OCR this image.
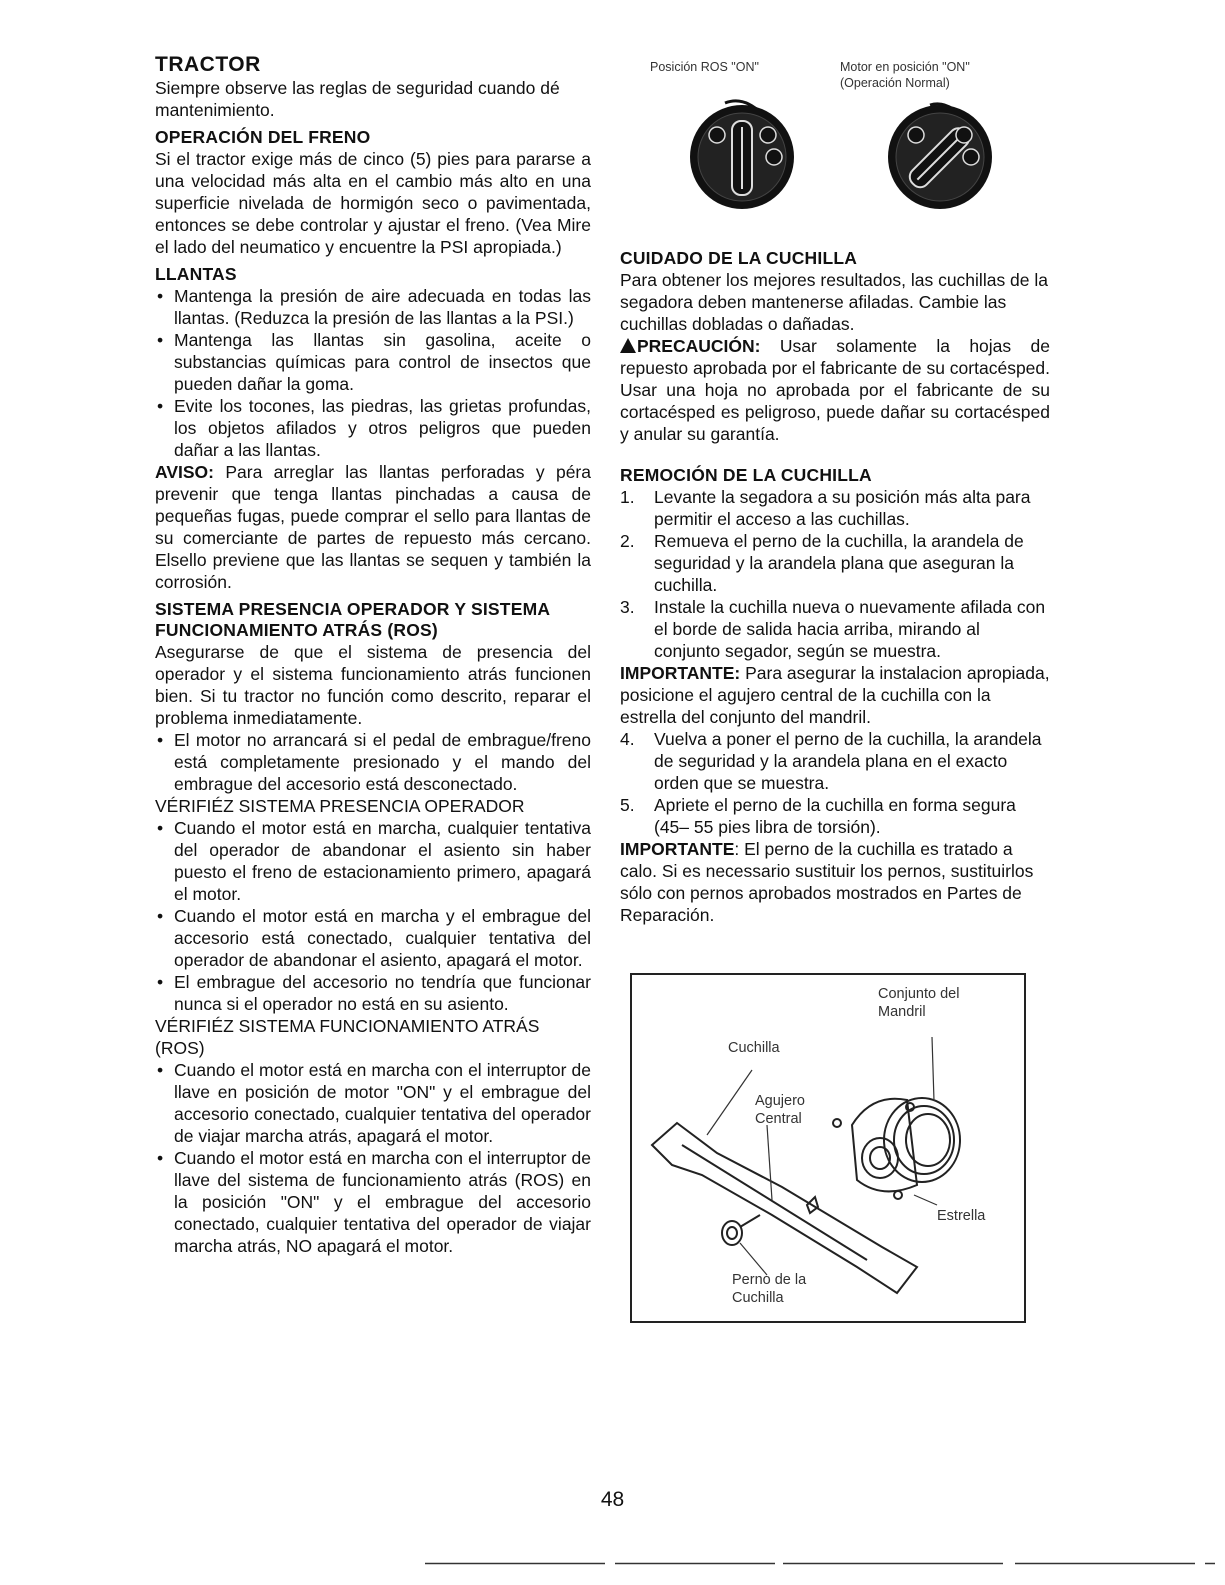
TRACTOR

Siempre observe las reglas de seguridad cuando dé mantenimiento.

OPERACIÓN DEL FRENO

Si el tractor exige más de cinco (5) pies para pararse a una velocidad más alta en el cambio más alto en una superficie nivelada de hormigón seco o pavimentada, entonces se debe controlar y ajustar el freno. (Vea Mire el lado del neumatico y encuentre la PSI apropiada.)

LLANTAS
• Mantenga la presión de aire adecuada en todas las llantas. (Reduzca la presión de las llantas a la PSI.)
• Mantenga las llantas sin gasolina, aceite o substancias químicas para control de insectos que pueden dañar la goma.
• Evite los tocones, las piedras, las grietas profundas, los objetos afilados y otros peligros que pueden dañar a las llantas.

AVISO: Para arreglar las llantas perforadas y péra prevenir que tenga llantas pinchadas a causa de pequeñas fugas, puede comprar el sello para llantas de su comerciante de partes de repuesto más cercano. Elsello previene que las llantas se sequen y también la corrosión.

SISTEMA PRESENCIA OPERADOR Y SISTEMA FUNCIONAMIENTO ATRÁS (ROS)

Asegurarse de que el sistema de presencia del operador y el sistema funcionamiento atrás funcionen bien. Si tu tractor no función como descrito, reparar el problema inmediatamente.

• El motor no arrancará si el pedal de embrague/freno está completamente presionado y el mando del embrague del accesorio está desconectado.
VÉRIFIÉZ SISTEMA PRESENCIA OPERADOR
• Cuando el motor está en marcha, cualquier tentativa del operador de abandonar el asiento sin haber puesto el freno de estacionamiento primero, apagará el motor.
• Cuando el motor está en marcha y el embrague del accesorio está conectado, cualquier tentativa del operador de abandonar el asiento, apagará el motor.
• El embrague del accesorio no tendría que funcionar nunca si el operador no está en su asiento.
VÉRIFIÉZ SISTEMA FUNCIONAMIENTO ATRÁS (ROS)
• Cuando el motor está en marcha con el interruptor de llave en posición de motor "ON" y el embrague del accesorio conectado, cualquier tentativa del operador de viajar marcha atrás, apagará el motor.
• Cuando el motor está en marcha con el interruptor de llave del sistema de funcionamiento atrás (ROS) en la posición "ON" y el embrague del accesorio conectado, cualquier tentativa del operador de viajar marcha atrás, NO apagará el motor.
Posición ROS "ON"	Motor en posición "ON"
(Operación Normal)
CUIDADO DE LA CUCHILLA

Para obtener los mejores resultados, las cuchillas de la segadora deben mantenerse afiladas. Cambie las cuchillas dobladas o dañadas.

PRECAUCIÓN: Usar solamente la hojas de repuesto aprobada por el fabricante de su cortacésped. Usar una hoja no aprobada por el fabricante de su cortacésped es peligroso, puede dañar su cortacésped y anular su garantía.

REMOCIÓN DE LA CUCHILLA
1. Levante la segadora a su posición más alta para permitir el acceso a las cuchillas.
2. Remueva el perno de la cuchilla, la arandela de seguridad y la arandela plana que aseguran la cuchilla.
3. Instale la cuchilla nueva o nuevamente afilada con el borde de salida hacia arriba, mirando al conjunto segador, según se muestra.

IMPORTANTE: Para asegurar la instalacion apropiada, posicione el agujero central de la cuchilla con la estrella del conjunto del mandril.

4. Vuelva a poner el perno de la cuchilla, la arandela de seguridad y la arandela plana en el exacto orden que se muestra.
5. Apriete el perno de la cuchilla en forma segura (45– 55 pies libra de torsión).

IMPORTANTE: El perno de la cuchilla es tratado a calo. Si es necessario sustituir los pernos, sustituirlos sólo con pernos aprobados mostrados en Partes de Reparación.

Conjunto del
Mandril
Cuchilla
Agujero
Central
Estrella
Perno de la
Cuchilla
48
